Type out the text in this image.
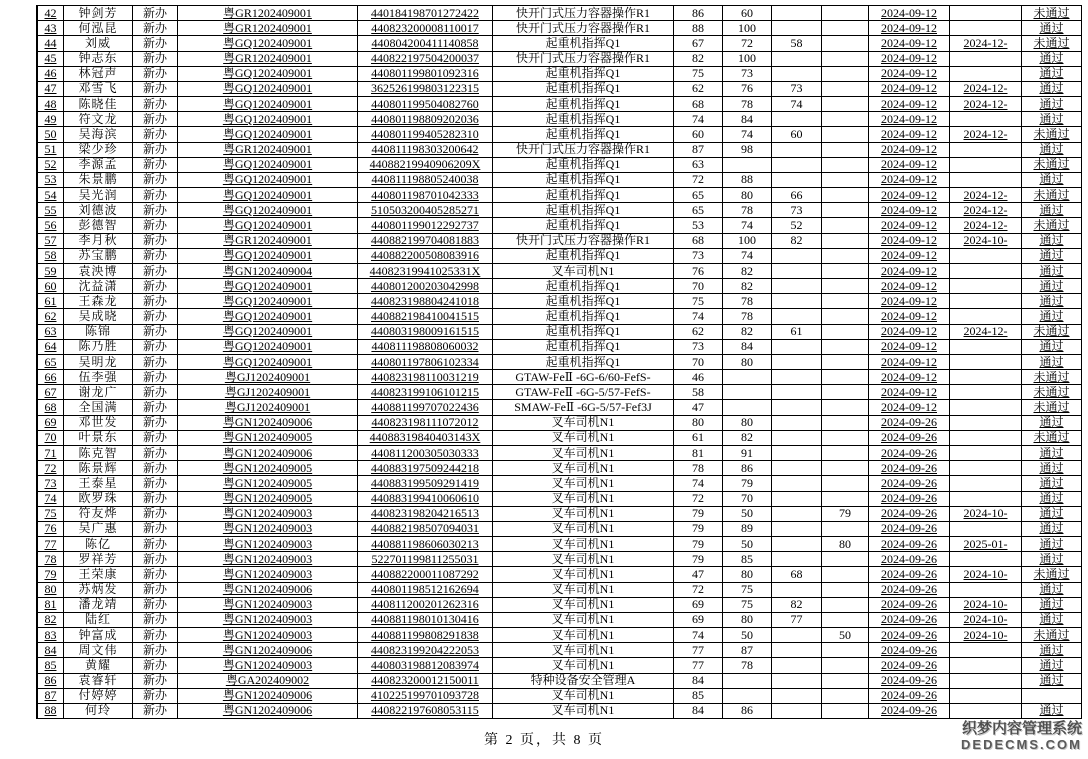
42	钟剑芳	新办	粤GR1202409001	440184198701272422	快开门式压力容器操作R1	86	60	2024-09-12	未通过
43	何泓昆	新办	粤GR1202409001	440823200008110017	快开门式压力容器操作R1	88	100	2024-09-12	通过
44	刘威	新办	粤GQ1202409001	440804200411140858	起重机指挥Q1	67	72	58	2024-09-12	2024-12-	未通过
45	钟志东	新办	粤GR1202409001	440822197504200037	快开门式压力容器操作R1	82	100	2024-09-12	通过
46	林冠声	新办	粤GQ1202409001	440801199801092316	起重机指挥Q1	75	73	2024-09-12	通过
47	邓雪飞	新办	粤GQ1202409001	362526199803122315	起重机指挥Q1	62	76	73	2024-09-12	2024-12-	通过
48	陈晓佳	新办	粤GQ1202409001	440801199504082760	起重机指挥Q1	68	78	74	2024-09-12	2024-12-	通过
49	符文龙	新办	粤GQ1202409001	440801198809202036	起重机指挥Q1	74	84	2024-09-12	通过
50	吴海滨	新办	粤GQ1202409001	440801199405282310	起重机指挥Q1	60	74	60	2024-09-12	2024-12-	未通过
51	梁少珍	新办	粤GR1202409001	440811198303200642	快开门式压力容器操作R1	87	98	2024-09-12	通过
52	李源孟	新办	粤GQ1202409001	44088219940906209X	起重机指挥Q1	63	2024-09-12	未通过
53	朱景鹏	新办	粤GQ1202409001	440811198805240038	起重机指挥Q1	72	88	2024-09-12	通过
54	吴光润	新办	粤GQ1202409001	440801198701042333	起重机指挥Q1	65	80	66	2024-09-12	2024-12-	未通过
55	刘德波	新办	粤GQ1202409001	510503200405285271	起重机指挥Q1	65	78	73	2024-09-12	2024-12-	通过
56	彭德智	新办	粤GQ1202409001	440801199012292737	起重机指挥Q1	53	74	52	2024-09-12	2024-12-	未通过
57	李月秋	新办	粤GR1202409001	440882199704081883	快开门式压力容器操作R1	68	100	82	2024-09-12	2024-10-	通过
58	苏宝鹏	新办	粤GQ1202409001	440882200508083916	起重机指挥Q1	73	74	2024-09-12	通过
59	袁泱博	新办	粤GN1202409004	44082319941025331X	叉车司机N1	76	82	2024-09-12	通过
60	沈益潇	新办	粤GQ1202409001	440801200203042998	起重机指挥Q1	70	82	2024-09-12	通过
61	王森龙	新办	粤GQ1202409001	440823198804241018	起重机指挥Q1	75	78	2024-09-12	通过
62	吴成晓	新办	粤GQ1202409001	440882198410041515	起重机指挥Q1	74	78	2024-09-12	通过
63	陈锦	新办	粤GQ1202409001	440803198009161515	起重机指挥Q1	62	82	61	2024-09-12	2024-12-	未通过
64	陈乃胜	新办	粤GQ1202409001	440811198808060032	起重机指挥Q1	73	84	2024-09-12	通过
65	吴明龙	新办	粤GQ1202409001	440801197806102334	起重机指挥Q1	70	80	2024-09-12	通过
66	伍李强	新办	粤GJ1202409001	440823198110031219	GTAW-FeⅡ -6G-6/60-FefS-	46	2024-09-12	未通过
67	谢龙广	新办	粤GJ1202409001	440823199106101215	GTAW-FeⅡ -6G-5/57-FefS-	58	2024-09-12	未通过
68	全国满	新办	粤GJ1202409001	440881199707022436	SMAW-FeⅡ -6G-5/57-Fef3J	47	2024-09-12	未通过
69	邓世发	新办	粤GN1202409006	440823198111072012	叉车司机N1	80	80	2024-09-26	通过
70	叶景东	新办	粤GN1202409005	44088319840403143X	叉车司机N1	61	82	2024-09-26	未通过
71	陈克智	新办	粤GN1202409006	440811200305030333	叉车司机N1	81	91	2024-09-26	通过
72	陈景辉	新办	粤GN1202409005	440883197509244218	叉车司机N1	78	86	2024-09-26	通过
73	王泰星	新办	粤GN1202409005	440883199509291419	叉车司机N1	74	79	2024-09-26	通过
74	欧罗珠	新办	粤GN1202409005	440883199410060610	叉车司机N1	72	70	2024-09-26	通过
75	符友烨	新办	粤GN1202409003	440823198204216513	叉车司机N1	79	50	79	2024-09-26	2024-10-	通过
76	吴广惠	新办	粤GN1202409003	440882198507094031	叉车司机N1	79	89	2024-09-26	通过
77	陈亿	新办	粤GN1202409003	440881198606030213	叉车司机N1	79	50	80	2024-09-26	2025-01-	通过
78	罗祥芳	新办	粤GN1202409003	522701199811255031	叉车司机N1	79	85	2024-09-26	通过
79	王荣康	新办	粤GN1202409003	440882200011087292	叉车司机N1	47	80	68	2024-09-26	2024-10-	未通过
80	苏炳发	新办	粤GN1202409006	440801198512162694	叉车司机N1	72	75	2024-09-26	通过
81	潘龙靖	新办	粤GN1202409003	440811200201262316	叉车司机N1	69	75	82	2024-09-26	2024-10-	通过
82	陆红	新办	粤GN1202409003	440881198010130416	叉车司机N1	69	80	77	2024-09-26	2024-10-	通过
83	钟富成	新办	粤GN1202409003	440881199808291838	叉车司机N1	74	50	50	2024-09-26	2024-10-	未通过
84	周文伟	新办	粤GN1202409006	440823199204222053	叉车司机N1	77	87	2024-09-26	通过
85	黄耀	新办	粤GN1202409003	440803198812083974	叉车司机N1	77	78	2024-09-26	通过
86	袁睿轩	新办	粤GA202409002	440823200012150011	特种设备安全管理A	84	2024-09-26	通过
87	付婷婷	新办	粤GN1202409006	410225199701093728	叉车司机N1	85	2024-09-26
88	何玲	新办	粤GN1202409006	440822197608053115	叉车司机N1	84	86	2024-09-26	通过
第 2 页，共 8 页
织梦内容管理系统
DEDECMS.COM
